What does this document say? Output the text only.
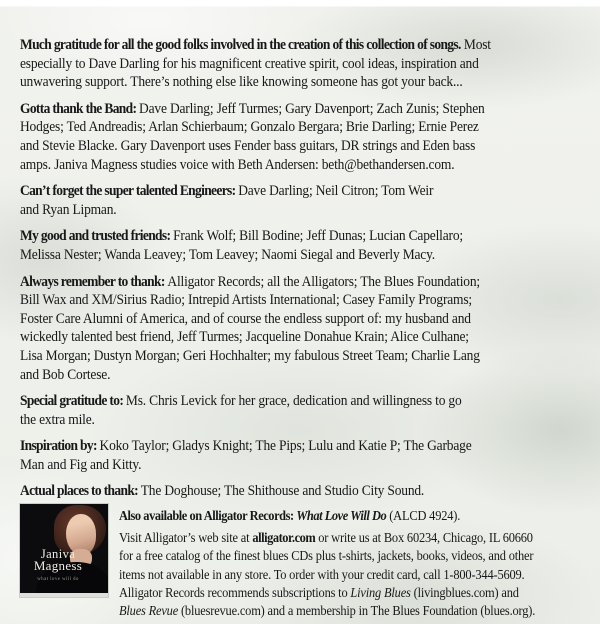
Much gratitude for all the good folks involved in the creation of this collection of songs. Most
especially to Dave Darling for his magnificent creative spirit, cool ideas, inspiration and
unwavering support. There’s nothing else like knowing someone has got your back...

Gotta thank the Band: Dave Darling; Jeff Turmes; Gary Davenport; Zach Zunis; Stephen
Hodges; Ted Andreadis; Arlan Schierbaum; Gonzalo Bergara; Brie Darling; Ernie Perez
and Stevie Blacke. Gary Davenport uses Fender bass guitars, DR strings and Eden bass
amps. Janiva Magness studies voice with Beth Andersen: beth@bethandersen.com.

Can’t forget the super talented Engineers: Dave Darling; Neil Citron; Tom Weir
and Ryan Lipman.

My good and trusted friends: Frank Wolf; Bill Bodine; Jeff Dunas; Lucian Capellaro;
Melissa Nester; Wanda Leavey; Tom Leavey; Naomi Siegal and Beverly Macy.

Always remember to thank: Alligator Records; all the Alligators; The Blues Foundation;
Bill Wax and XM/Sirius Radio; Intrepid Artists International; Casey Family Programs;
Foster Care Alumni of America, and of course the endless support of: my husband and
wickedly talented best friend, Jeff Turmes; Jacqueline Donahue Krain; Alice Culhane;
Lisa Morgan; Dustyn Morgan; Geri Hochhalter; my fabulous Street Team; Charlie Lang
and Bob Cortese.

Special gratitude to: Ms. Chris Levick for her grace, dedication and willingness to go
the extra mile.

Inspiration by: Koko Taylor; Gladys Knight; The Pips; Lulu and Katie P; The Garbage
Man and Fig and Kitty.

Actual places to thank: The Doghouse; The Shithouse and Studio City Sound.

Janiva
Magness
what love will do
Also available on Alligator Records: What Love Will Do (ALCD 4924).
Visit Alligator’s web site at alligator.com or write us at Box 60234, Chicago, IL 60660
for a free catalog of the finest blues CDs plus t-shirts, jackets, books, videos, and other
items not available in any store. To order with your credit card, call 1-800-344-5609.
Alligator Records recommends subscriptions to Living Blues (livingblues.com) and
Blues Revue (bluesrevue.com) and a membership in The Blues Foundation (blues.org).
